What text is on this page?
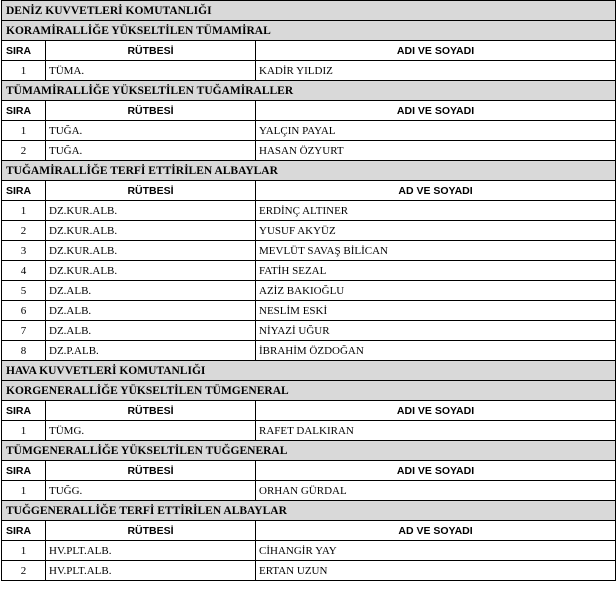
DENİZ KUVVETLERİ KOMUTANLIĞI		
KORAMİRALLİĞE YÜKSELTİLEN TÜMAMİRAL		
SIRA	RÜTBESİ	ADI VE SOYADI
1	TÜMA.	KADİR YILDIZ
TÜMAMİRALLİĞE YÜKSELTİLEN TUĞAMİRALLER		
SIRA	RÜTBESİ	ADI VE SOYADI
1	TUĞA.	YALÇIN PAYAL
2	TUĞA.	HASAN ÖZYURT
TUĞAMİRALLİĞE TERFİ ETTİRİLEN ALBAYLAR		
SIRA	RÜTBESİ	AD VE SOYADI
1	DZ.KUR.ALB.	ERDİNÇ ALTINER
2	DZ.KUR.ALB.	YUSUF AKYÜZ
3	DZ.KUR.ALB.	MEVLÜT SAVAŞ BİLİCAN
4	DZ.KUR.ALB.	FATİH SEZAL
5	DZ.ALB.	AZİZ BAKIOĞLU
6	DZ.ALB.	NESLİM ESKİ
7	DZ.ALB.	NİYAZİ UĞUR
8	DZ.P.ALB.	İBRAHİM ÖZDOĞAN
HAVA KUVVETLERİ KOMUTANLIĞI		
KORGENERALLİĞE YÜKSELTİLEN TÜMGENERAL		
SIRA	RÜTBESİ	ADI VE SOYADI
1	TÜMG.	RAFET DALKIRAN
TÜMGENERALLİĞE YÜKSELTİLEN TUĞGENERAL		
SIRA	RÜTBESİ	ADI VE SOYADI
1	TUĞG.	ORHAN GÜRDAL
TUĞGENERALLİĞE TERFİ ETTİRİLEN ALBAYLAR		
SIRA	RÜTBESİ	AD VE SOYADI
1	HV.PLT.ALB.	CİHANGİR YAY
2	HV.PLT.ALB.	ERTAN UZUN
